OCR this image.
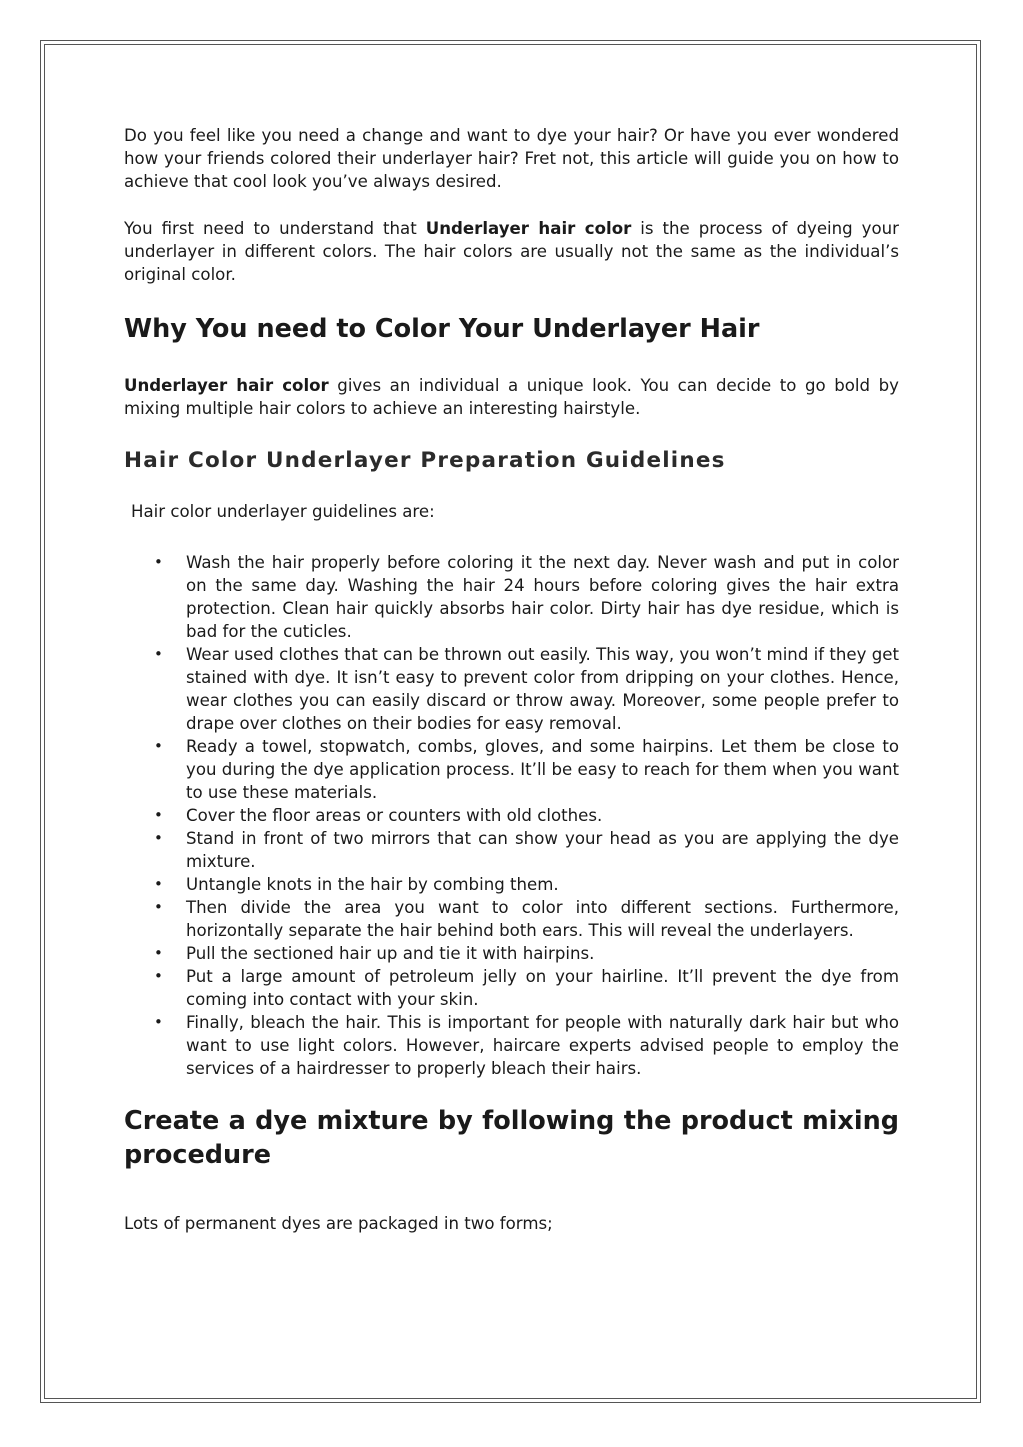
Do you feel like you need a change and want to dye your hair? Or have you ever wondered how your friends colored their underlayer hair? Fret not, this article will guide you on how to achieve that cool look you’ve always desired.

You first need to understand that Underlayer hair color is the process of dyeing your underlayer in different colors. The hair colors are usually not the same as the individual’s original color.

Why You need to Color Your Underlayer Hair

Underlayer hair color gives an individual a unique look. You can decide to go bold by mixing multiple hair colors to achieve an interesting hairstyle.

Hair Color Underlayer Preparation Guidelines

Hair color underlayer guidelines are:

• Wash the hair properly before coloring it the next day. Never wash and put in color on the same day. Washing the hair 24 hours before coloring gives the hair extra protection. Clean hair quickly absorbs hair color. Dirty hair has dye residue, which is bad for the cuticles.
• Wear used clothes that can be thrown out easily. This way, you won’t mind if they get stained with dye. It isn’t easy to prevent color from dripping on your clothes. Hence, wear clothes you can easily discard or throw away. Moreover, some people prefer to drape over clothes on their bodies for easy removal.
• Ready a towel, stopwatch, combs, gloves, and some hairpins. Let them be close to you during the dye application process. It’ll be easy to reach for them when you want to use these materials.
• Cover the floor areas or counters with old clothes.
• Stand in front of two mirrors that can show your head as you are applying the dye mixture.
• Untangle knots in the hair by combing them.
• Then divide the area you want to color into different sections. Furthermore, horizontally separate the hair behind both ears. This will reveal the underlayers.
• Pull the sectioned hair up and tie it with hairpins.
• Put a large amount of petroleum jelly on your hairline. It’ll prevent the dye from coming into contact with your skin.
• Finally, bleach the hair. This is important for people with naturally dark hair but who want to use light colors. However, haircare experts advised people to employ the services of a hairdresser to properly bleach their hairs.
Create a dye mixture by following the product mixing procedure

Lots of permanent dyes are packaged in two forms;
